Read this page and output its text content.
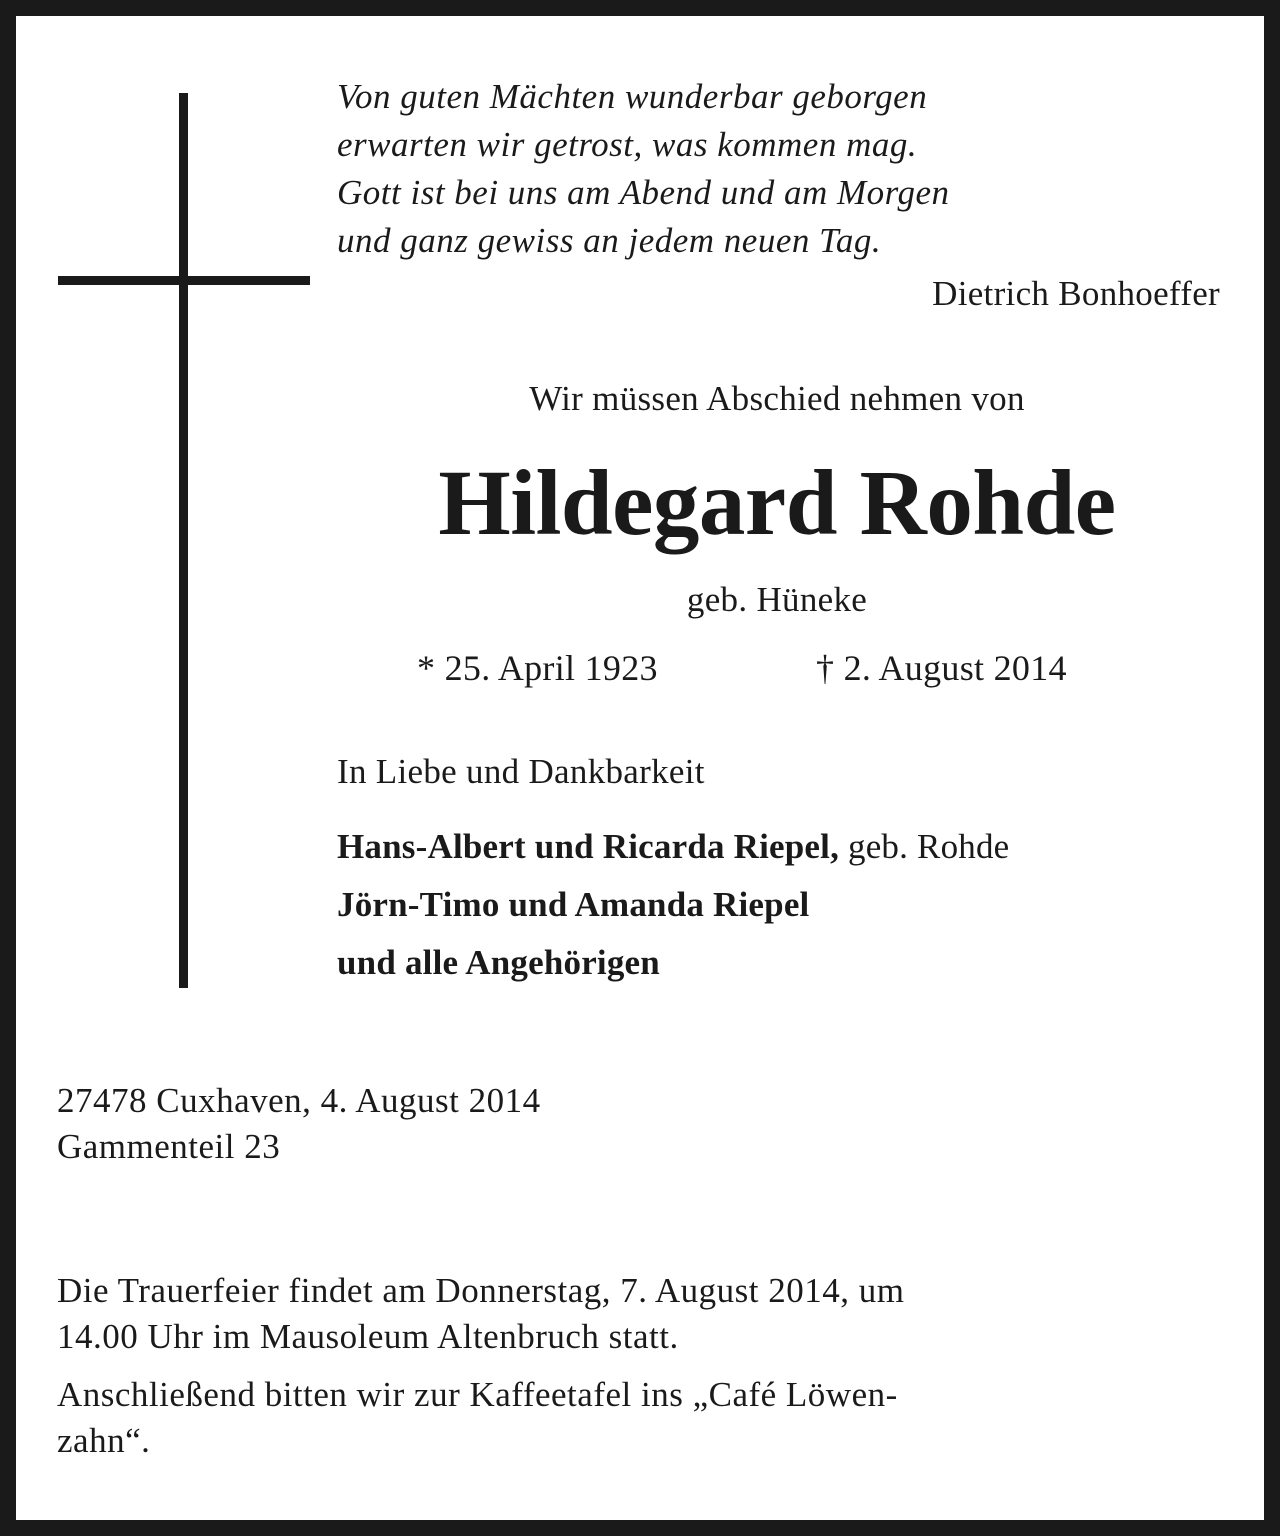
Von guten Mächten wunderbar geborgen
erwarten wir getrost, was kommen mag.
Gott ist bei uns am Abend und am Morgen
und ganz gewiss an jedem neuen Tag.
Dietrich Bonhoeffer
Wir müssen Abschied nehmen von
Hildegard Rohde
geb. Hüneke
* 25. April 1923	† 2. August 2014
In Liebe und Dankbarkeit
Hans-Albert und Ricarda Riepel, geb. Rohde
Jörn-Timo und Amanda Riepel
und alle Angehörigen
27478 Cuxhaven, 4. August 2014
Gammenteil 23
Die Trauerfeier findet am Donnerstag, 7. August 2014, um
14.00 Uhr im Mausoleum Altenbruch statt.
Anschließend bitten wir zur Kaffeetafel ins „Café Löwen-
zahn“.
